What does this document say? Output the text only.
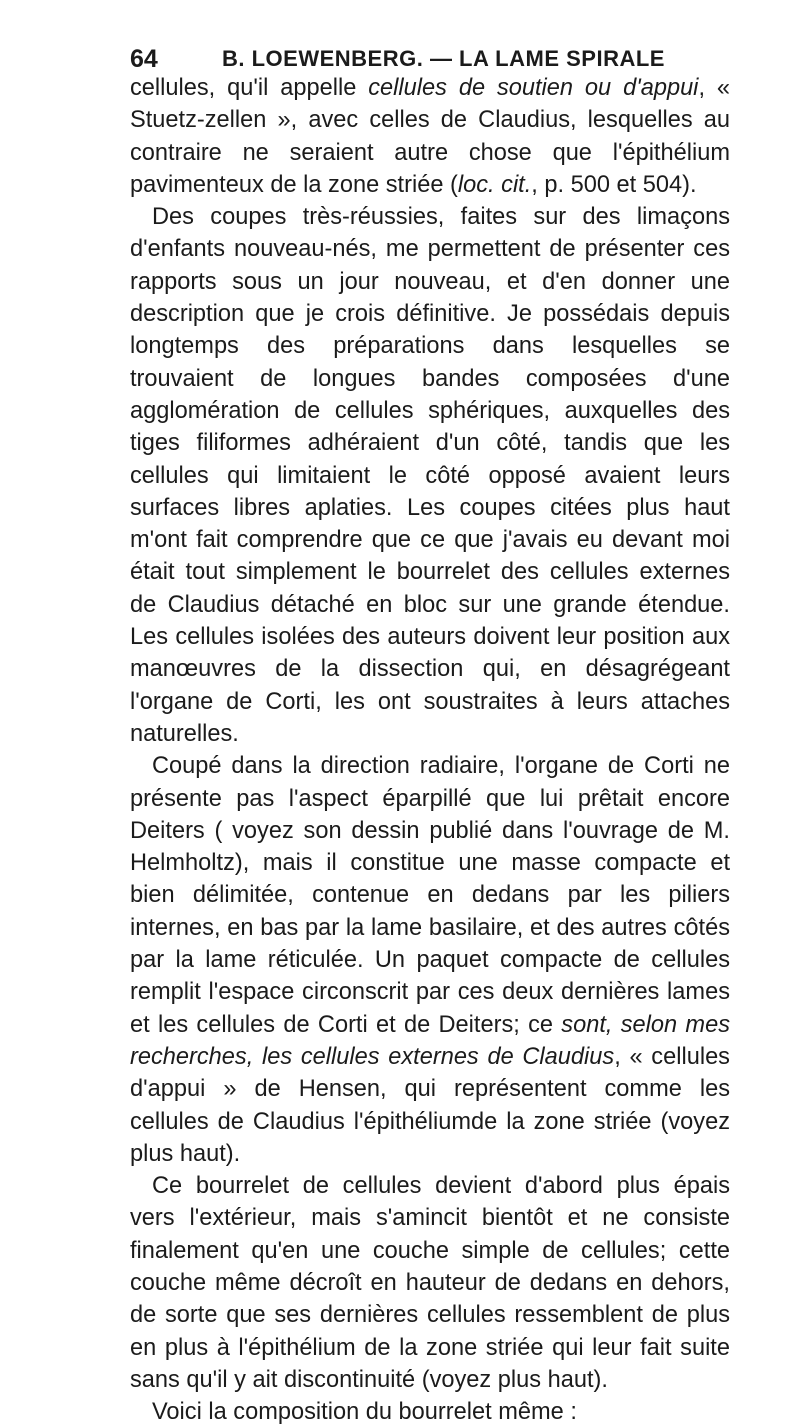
64	B. LOEWENBERG. — LA LAME SPIRALE

cellules, qu'il appelle cellules de soutien ou d'appui, « Stuetz-zellen », avec celles de Claudius, lesquelles au contraire ne seraient autre chose que l'épithélium pavimenteux de la zone striée (loc. cit., p. 500 et 504).

Des coupes très-réussies, faites sur des limaçons d'enfants nouveau-nés, me permettent de présenter ces rapports sous un jour nouveau, et d'en donner une description que je crois définitive. Je possédais depuis longtemps des préparations dans lesquelles se trouvaient de longues bandes composées d'une agglomération de cellules sphériques, auxquelles des tiges filiformes adhéraient d'un côté, tandis que les cellules qui limitaient le côté opposé avaient leurs surfaces libres aplaties. Les coupes citées plus haut m'ont fait comprendre que ce que j'avais eu devant moi était tout simplement le bourrelet des cellules externes de Claudius détaché en bloc sur une grande étendue. Les cellules isolées des auteurs doivent leur position aux manœuvres de la dissection qui, en désagrégeant l'organe de Corti, les ont soustraites à leurs attaches naturelles.

Coupé dans la direction radiaire, l'organe de Corti ne présente pas l'aspect éparpillé que lui prêtait encore Deiters ( voyez son dessin publié dans l'ouvrage de M. Helmholtz), mais il constitue une masse compacte et bien délimitée, contenue en dedans par les piliers internes, en bas par la lame basilaire, et des autres côtés par la lame réticulée. Un paquet compacte de cellules remplit l'espace circonscrit par ces deux dernières lames et les cellules de Corti et de Deiters; ce sont, selon mes recherches, les cellules externes de Claudius, « cellules d'appui » de Hensen, qui représentent comme les cellules de Claudius l'épithéliumde la zone striée (voyez plus haut).

Ce bourrelet de cellules devient d'abord plus épais vers l'extérieur, mais s'amincit bientôt et ne consiste finalement qu'en une couche simple de cellules; cette couche même décroît en hauteur de dedans en dehors, de sorte que ses dernières cellules ressemblent de plus en plus à l'épithélium de la zone striée qui leur fait suite sans qu'il y ait discontinuité (voyez plus haut).

Voici la composition du bourrelet même :
